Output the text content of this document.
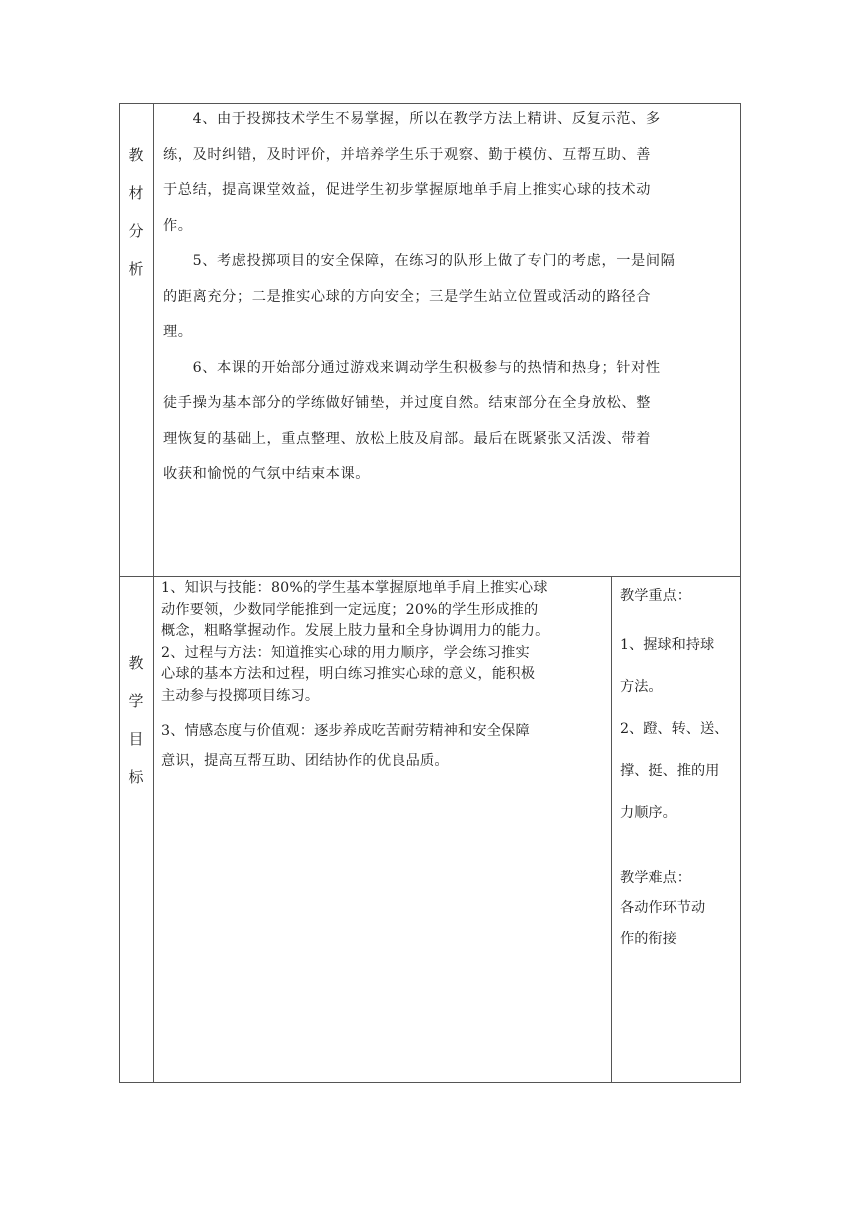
教
材
分
析

　　4、由于投掷技术学生不易掌握，所以在教学方法上精讲、反复示范、多

练，及时纠错，及时评价，并培养学生乐于观察、勤于模仿、互帮互助、善

于总结，提高课堂效益，促进学生初步掌握原地单手肩上推实心球的技术动

作。

　　5、考虑投掷项目的安全保障，在练习的队形上做了专门的考虑，一是间隔

的距离充分；二是推实心球的方向安全；三是学生站立位置或活动的路径合

理。

　　6、本课的开始部分通过游戏来调动学生积极参与的热情和热身；针对性

徒手操为基本部分的学练做好铺垫，并过度自然。结束部分在全身放松、整

理恢复的基础上，重点整理、放松上肢及肩部。最后在既紧张又活泼、带着

收获和愉悦的气氛中结束本课。

教
学
目
标

1、知识与技能：80%的学生基本掌握原地单手肩上推实心球

动作要领，少数同学能推到一定远度；20%的学生形成推的

概念，粗略掌握动作。发展上肢力量和全身协调用力的能力。

2、过程与方法：知道推实心球的用力顺序，学会练习推实

心球的基本方法和过程，明白练习推实心球的意义，能积极

主动参与投掷项目练习。

3、情感态度与价值观：逐步养成吃苦耐劳精神和安全保障

意识，提高互帮互助、团结协作的优良品质。

教学重点：
1、握球和持球
方法。
2、蹬、转、送、
撑、挺、推的用
力顺序。
教学难点：
各动作环节动
作的衔接
